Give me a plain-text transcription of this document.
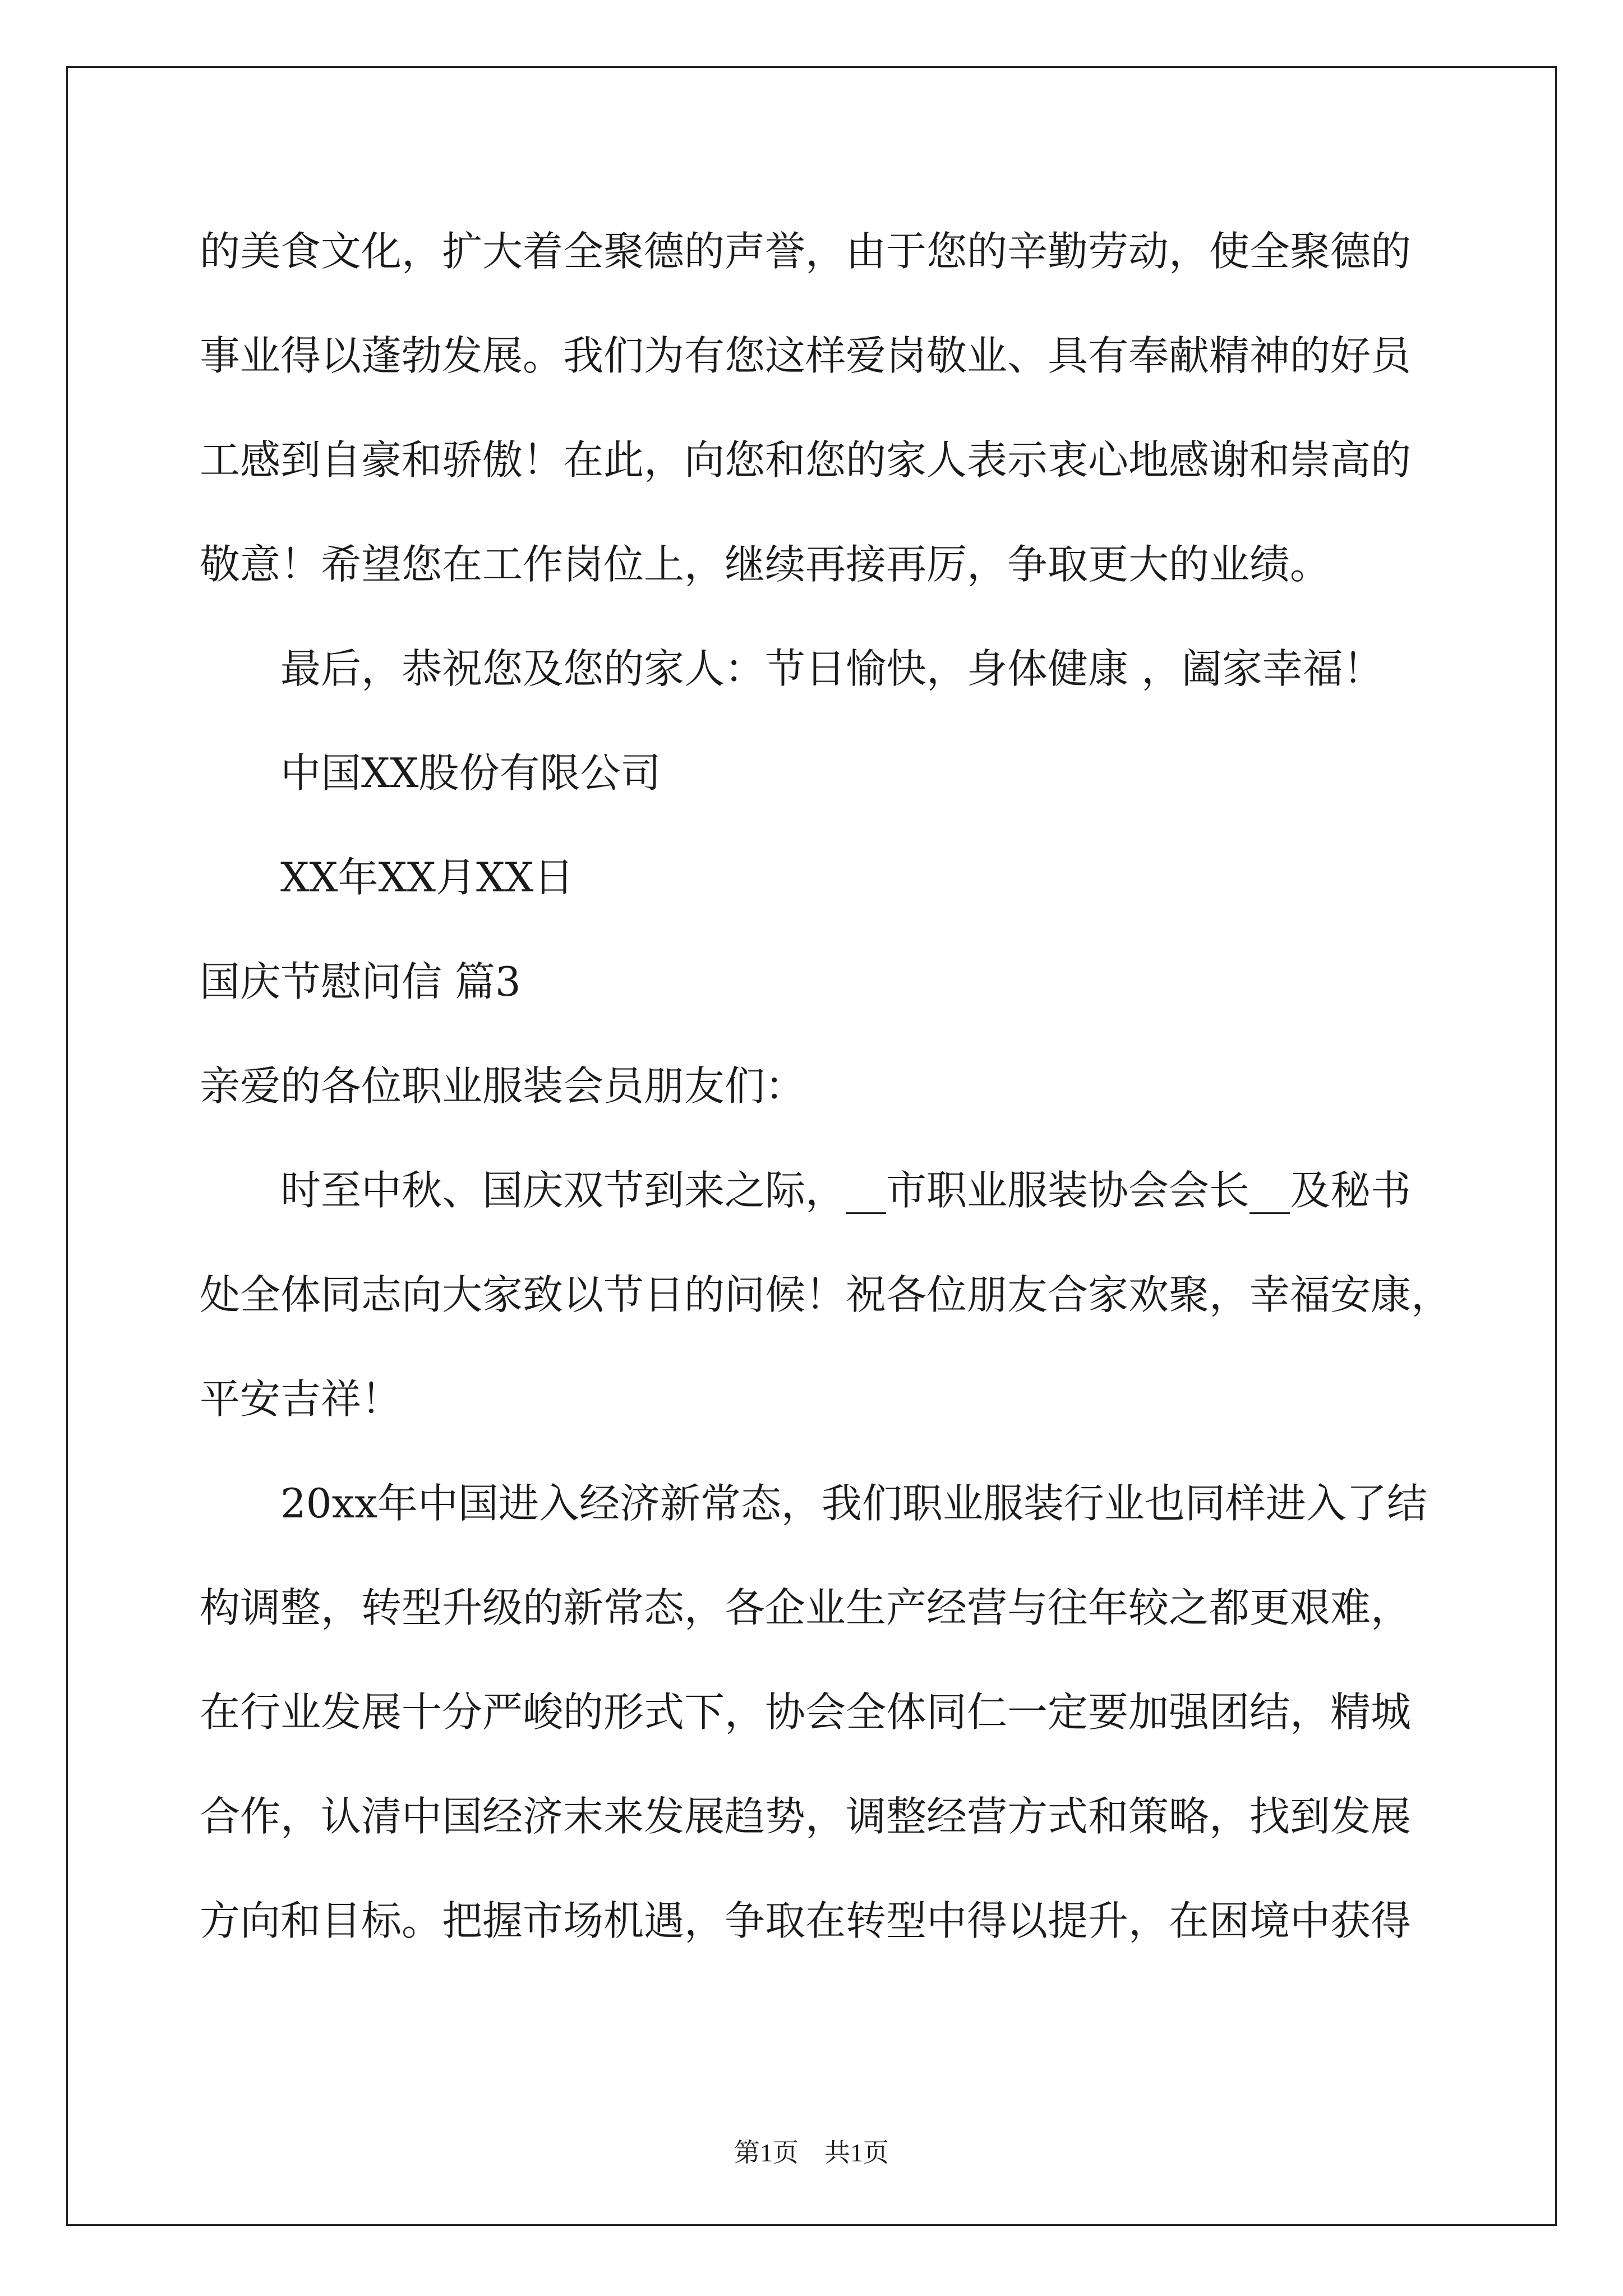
的美食文化，扩大着全聚德的声誉，由于您的辛勤劳动，使全聚德的
事业得以蓬勃发展。我们为有您这样爱岗敬业、具有奉献精神的好员
工感到自豪和骄傲！在此，向您和您的家人表示衷心地感谢和崇高的
敬意！希望您在工作岗位上，继续再接再厉，争取更大的业绩。
最后，恭祝您及您的家人：节日愉快，身体健康 ，阖家幸福！
中国XX股份有限公司
XX年XX月XX日
国庆节慰问信 篇3
亲爱的各位职业服装会员朋友们：
时至中秋、国庆双节到来之际，__市职业服装协会会长__及秘书
处全体同志向大家致以节日的问候！祝各位朋友合家欢聚，幸福安康，
平安吉祥！
20xx年中国进入经济新常态，我们职业服装行业也同样进入了结
构调整，转型升级的新常态，各企业生产经营与往年较之都更艰难，
在行业发展十分严峻的形式下，协会全体同仁一定要加强团结，精城
合作，认清中国经济末来发展趋势，调整经营方式和策略，找到发展
方向和目标。把握市场机遇，争取在转型中得以提升，在困境中获得
第1页　共1页
